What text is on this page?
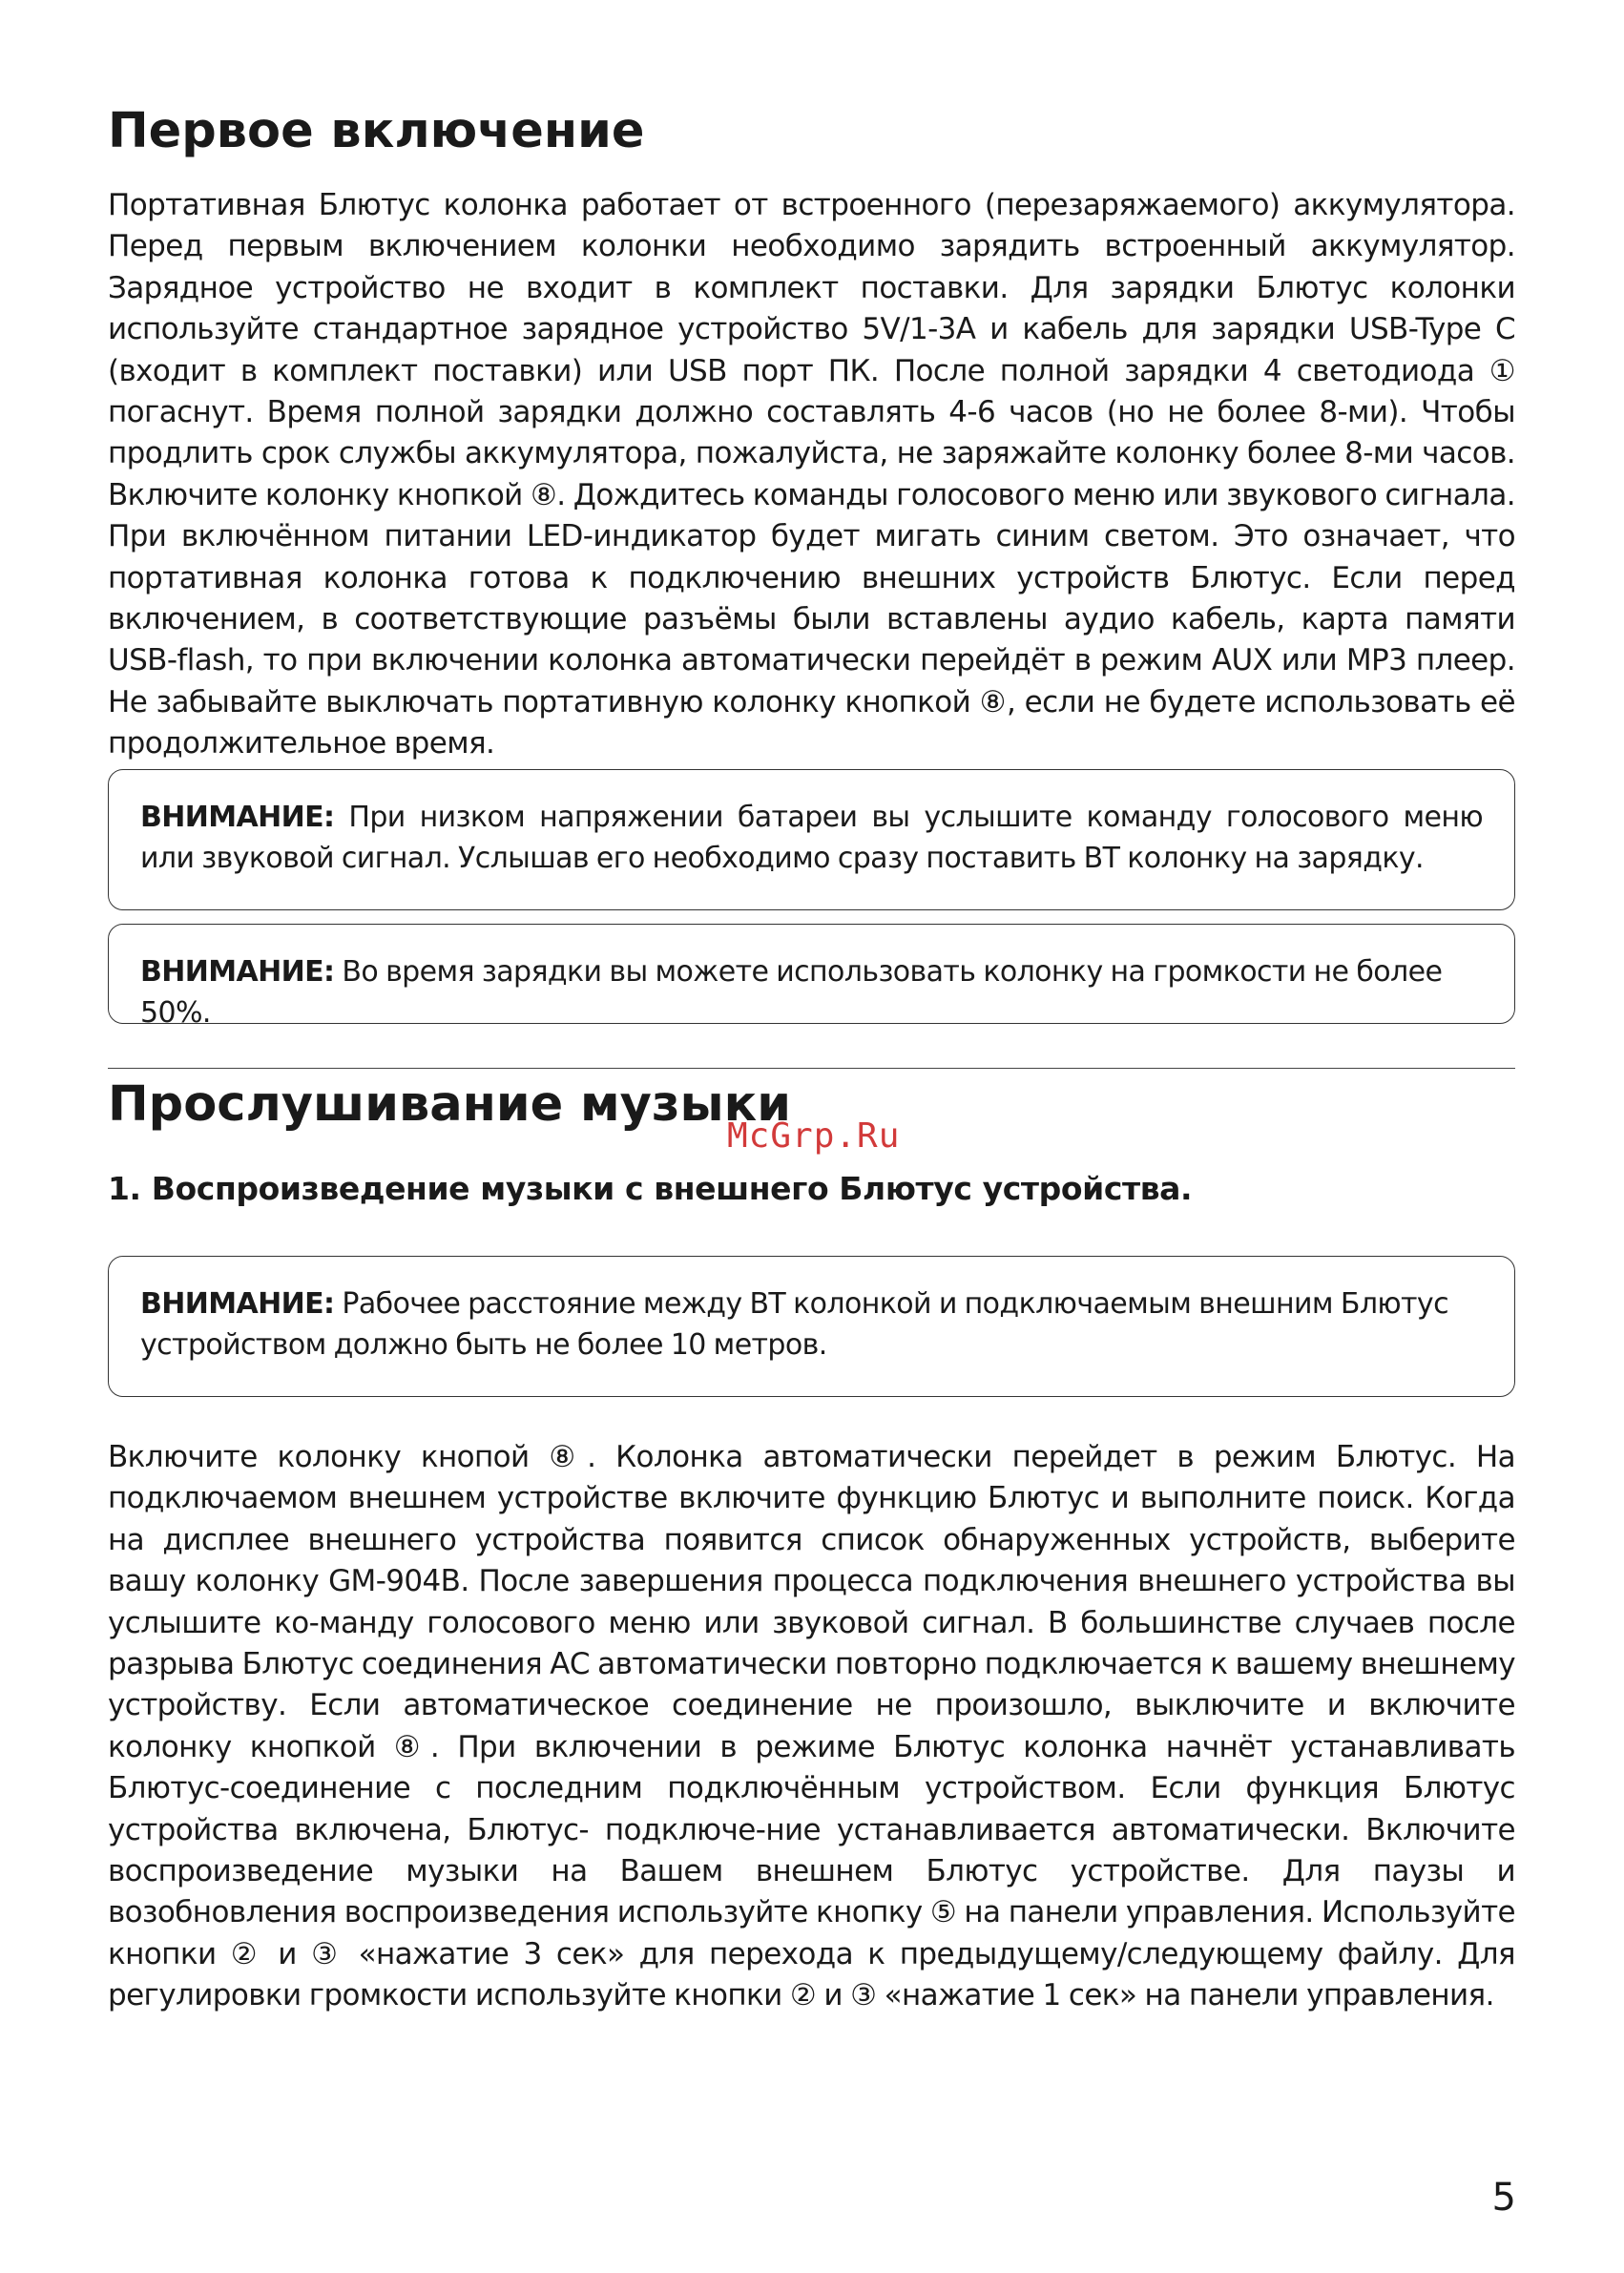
Первое включение

Портативная Блютус колонка работает от встроенного (перезаряжаемого) аккумулятора. Перед первым включением колонки необходимо зарядить встроенный аккумулятор. Зарядное устройство не входит в комплект поставки. Для зарядки Блютус колонки используйте стандартное зарядное устройство 5V/1-3A и кабель для зарядки USB-Type C (входит в комплект поставки) или USB порт ПК. После полной зарядки 4 светодиода ① погаснут. Время полной зарядки должно составлять 4-6 часов (но не более 8-ми). Чтобы продлить срок службы аккумулятора, пожалуйста, не заряжайте колонку более 8-ми часов. Включите колонку кнопкой ⑧. Дождитесь команды голосового меню или звукового сигнала. При включённом питании LED-индикатор будет мигать синим светом. Это означает, что портативная колонка готова к подключению внешних устройств Блютус. Если перед включением, в соответствующие разъёмы были вставлены аудио кабель, карта памяти USB-flash, то при включении колонка автоматически перейдёт в режим AUX или MP3 плеер. Не забывайте выключать портативную колонку кнопкой ⑧, если не будете использовать её продолжительное время.

ВНИМАНИЕ: При низком напряжении батареи вы услышите команду голосового меню или звуковой сигнал. Услышав его необходимо сразу поставить BT колонку на зарядку.

ВНИМАНИЕ: Во время зарядки вы можете использовать колонку на громкости не более 50%.

Прослушивание музыки
McGrp.Ru
1. Воспроизведение музыки с внешнего Блютус устройства.

ВНИМАНИЕ: Рабочее расстояние между BT колонкой и подключаемым внешним Блютус устройством должно быть не более 10 метров.

Включите колонку кнопой ⑧. Колонка автоматически перейдет в режим Блютус. На подключаемом внешнем устройстве включите функцию Блютус и выполните поиск. Когда на дисплее внешнего устройства появится список обнаруженных устройств, выберите вашу колонку GM-904B. После завершения процесса подключения внешнего устройства вы услышите ко-манду голосового меню или звуковой сигнал. В большинстве случаев после разрыва Блютус соединения АС автоматически повторно подключается к вашему внешнему устройству. Если автоматическое соединение не произошло, выключите и включите колонку кнопкой ⑧. При включении в режиме Блютус колонка начнёт устанавливать Блютус-соединение с последним подключённым устройством. Если функция Блютус устройства включена, Блютус- подключе-ние устанавливается автоматически. Включите воспроизведение музыки на Вашем внешнем Блютус устройстве. Для паузы и возобновления воспроизведения используйте кнопку ⑤ на панели управления. Используйте кнопки ② и ③ «нажатие 3 сек» для перехода к предыдущему/следующему файлу. Для регулировки громкости используйте кнопки ② и ③ «нажатие 1 сек» на панели управления.

5
